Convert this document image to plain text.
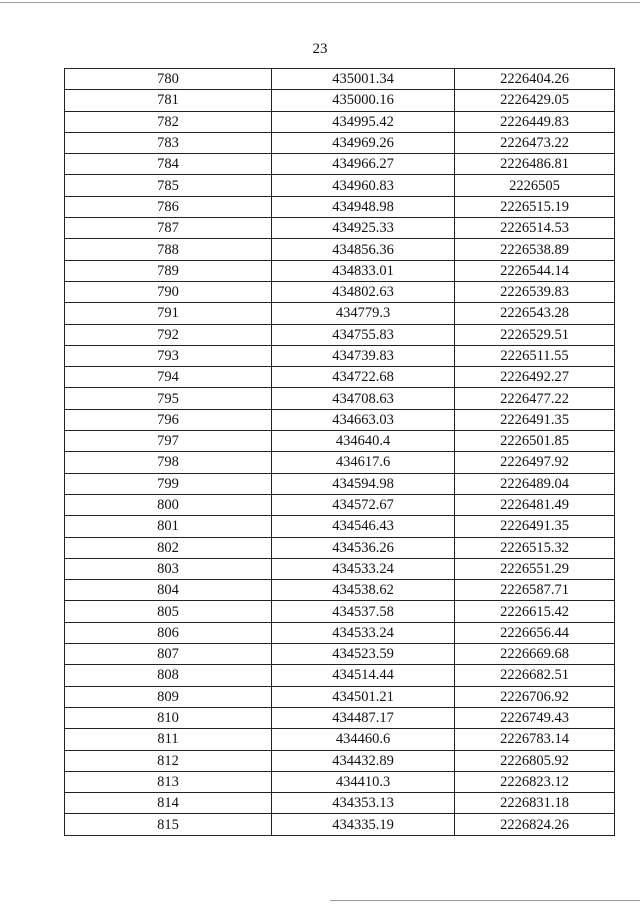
23
780	435001.34	2226404.26
781	435000.16	2226429.05
782	434995.42	2226449.83
783	434969.26	2226473.22
784	434966.27	2226486.81
785	434960.83	2226505
786	434948.98	2226515.19
787	434925.33	2226514.53
788	434856.36	2226538.89
789	434833.01	2226544.14
790	434802.63	2226539.83
791	434779.3	2226543.28
792	434755.83	2226529.51
793	434739.83	2226511.55
794	434722.68	2226492.27
795	434708.63	2226477.22
796	434663.03	2226491.35
797	434640.4	2226501.85
798	434617.6	2226497.92
799	434594.98	2226489.04
800	434572.67	2226481.49
801	434546.43	2226491.35
802	434536.26	2226515.32
803	434533.24	2226551.29
804	434538.62	2226587.71
805	434537.58	2226615.42
806	434533.24	2226656.44
807	434523.59	2226669.68
808	434514.44	2226682.51
809	434501.21	2226706.92
810	434487.17	2226749.43
811	434460.6	2226783.14
812	434432.89	2226805.92
813	434410.3	2226823.12
814	434353.13	2226831.18
815	434335.19	2226824.26
